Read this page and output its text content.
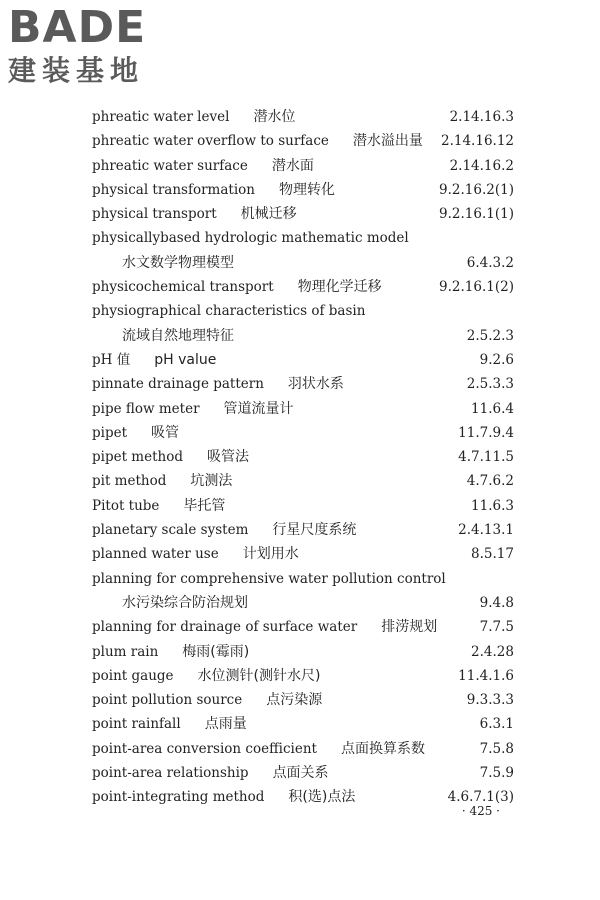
BADE
建装基地
phreatic water level 潜水位	2.14.16.3
phreatic water overflow to surface 潜水溢出量 2.14.16.12
phreatic water surface 潜水面	2.14.16.2
physical transformation 物理转化	9.2.16.2(1)
physical transport 机械迁移	9.2.16.1(1)
physicallybased hydrologic mathematic model
水文数学物理模型	6.4.3.2
physicochemical transport 物理化学迁移	9.2.16.1(2)
physiographical characteristics of basin
流域自然地理特征	2.5.2.3
pH 值 pH value	9.2.6
pinnate drainage pattern 羽状水系	2.5.3.3
pipe flow meter 管道流量计	11.6.4
pipet 吸管	11.7.9.4
pipet method 吸管法	4.7.11.5
pit method 坑测法	4.7.6.2
Pitot tube 毕托管	11.6.3
planetary scale system 行星尺度系统	2.4.13.1
planned water use 计划用水	8.5.17
planning for comprehensive water pollution control
水污染综合防治规划	9.4.8
planning for drainage of surface water 排涝规划	7.7.5
plum rain 梅雨(霉雨)	2.4.28
point gauge 水位测针(测针水尺)	11.4.1.6
point pollution source 点污染源	9.3.3.3
point rainfall 点雨量	6.3.1
point-area conversion coefficient 点面换算系数	7.5.8
point-area relationship 点面关系	7.5.9
point-integrating method 积(选)点法	4.6.7.1(3)
· 425 ·
